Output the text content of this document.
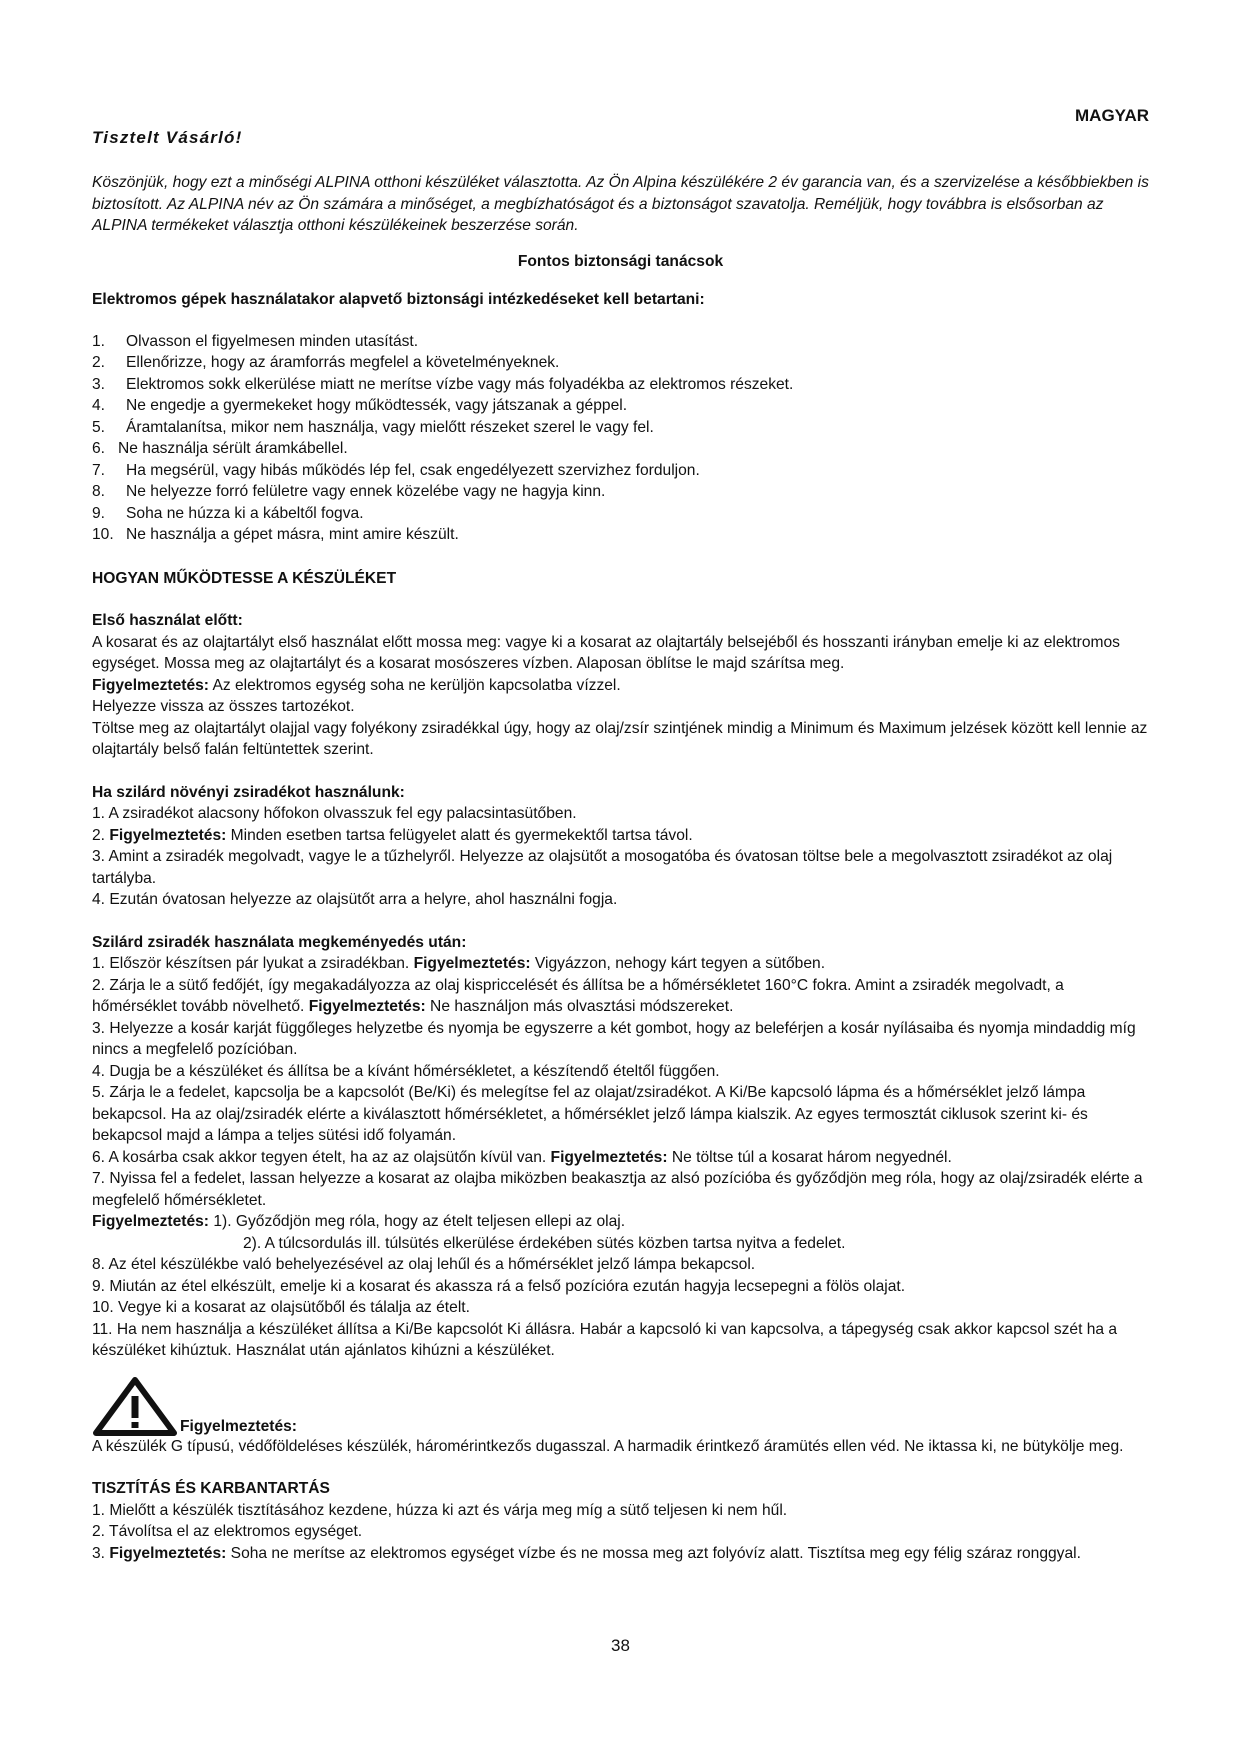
MAGYAR
Tisztelt Vásárló!

Köszönjük, hogy ezt a minőségi ALPINA otthoni készüléket választotta. Az Ön Alpina készülékére 2 év garancia van, és a szervizelése a későbbiekben is biztosított. Az ALPINA név az Ön számára a minőséget, a megbízhatóságot és a biztonságot szavatolja. Reméljük, hogy továbbra is elsősorban az ALPINA termékeket választja otthoni készülékeinek beszerzése során.

Fontos biztonsági tanácsok

Elektromos gépek használatakor alapvető biztonsági intézkedéseket kell betartani:

1.	Olvasson el figyelmesen minden utasítást.
2.	Ellenőrizze, hogy az áramforrás megfelel a követelményeknek.
3.	Elektromos sokk elkerülése miatt ne merítse vízbe vagy más folyadékba az elektromos részeket.
4.	Ne engedje a gyermekeket hogy működtessék, vagy játszanak a géppel.
5.	Áramtalanítsa, mikor nem használja, vagy mielőtt részeket szerel le vagy fel.
6. Ne használja sérült áramkábellel.
7.	Ha megsérül, vagy hibás működés lép fel, csak engedélyezett szervizhez forduljon.
8.	Ne helyezze forró felületre vagy ennek közelébe vagy ne hagyja kinn.
9.	Soha ne húzza ki a kábeltől fogva.
10. Ne használja a gépet másra, mint amire készült.

HOGYAN MŰKÖDTESSE A KÉSZÜLÉKET

Első használat előtt:

A kosarat és az olajtartályt első használat előtt mossa meg: vagye ki a kosarat az olajtartály belsejéből és hosszanti irányban emelje ki az elektromos egységet. Mossa meg az olajtartályt és a kosarat mosószeres vízben. Alaposan öblítse le majd szárítsa meg.

Figyelmeztetés: Az elektromos egység soha ne kerüljön kapcsolatba vízzel.

Helyezze vissza az összes tartozékot.

Töltse meg az olajtartályt olajjal vagy folyékony zsiradékkal úgy, hogy az olaj/zsír szintjének mindig a Minimum és Maximum jelzések között kell lennie az olajtartály belső falán feltüntettek szerint.

Ha szilárd növényi zsiradékot használunk:

1. A zsiradékot alacsony hőfokon olvasszuk fel egy palacsintasütőben.

2. Figyelmeztetés: Minden esetben tartsa felügyelet alatt és gyermekektől tartsa távol.

3. Amint a zsiradék megolvadt, vagye le a tűzhelyről. Helyezze az olajsütőt a mosogatóba és óvatosan töltse bele a megolvasztott zsiradékot az olaj tartályba.

4. Ezután óvatosan helyezze az olajsütőt arra a helyre, ahol használni fogja.

Szilárd zsiradék használata megkeményedés után:

1. Először készítsen pár lyukat a zsiradékban. Figyelmeztetés: Vigyázzon, nehogy kárt tegyen a sütőben.

2. Zárja le a sütő fedőjét, így megakadályozza az olaj kispriccelését és állítsa be a hőmérsékletet 160°C fokra. Amint a zsiradék megolvadt, a hőmérséklet tovább növelhető. Figyelmeztetés: Ne használjon más olvasztási módszereket.

3. Helyezze a kosár karját függőleges helyzetbe és nyomja be egyszerre a két gombot, hogy az beleférjen a kosár nyílásaiba és nyomja mindaddig míg nincs a megfelelő pozícióban.

4. Dugja be a készüléket és állítsa be a kívánt hőmérsékletet, a készítendő ételtől függően.

5. Zárja le a fedelet, kapcsolja be a kapcsolót (Be/Ki) és melegítse fel az olajat/zsiradékot. A Ki/Be kapcsoló lápma és a hőmérséklet jelző lámpa bekapcsol. Ha az olaj/zsiradék elérte a kiválasztott hőmérsékletet, a hőmérséklet jelző lámpa kialszik. Az egyes termosztát ciklusok szerint ki- és bekapcsol majd a lámpa a teljes sütési idő folyamán.

6. A kosárba csak akkor tegyen ételt, ha az az olajsütőn kívül van. Figyelmeztetés: Ne töltse túl a kosarat három negyednél.

7. Nyissa fel a fedelet, lassan helyezze a kosarat az olajba miközben beakasztja az alsó pozícióba és győződjön meg róla, hogy az olaj/zsiradék elérte a megfelelő hőmérsékletet.

Figyelmeztetés: 1). Győződjön meg róla, hogy az ételt teljesen ellepi az olaj.

2). A túlcsordulás ill. túlsütés elkerülése érdekében sütés közben tartsa nyitva a fedelet.

8. Az étel készülékbe való behelyezésével az olaj lehűl és a hőmérséklet jelző lámpa bekapcsol.

9. Miután az étel elkészült, emelje ki a kosarat és akassza rá a felső pozícióra ezután hagyja lecsepegni a fölös olajat.

10. Vegye ki a kosarat az olajsütőből és tálalja az ételt.

11. Ha nem használja a készüléket állítsa a Ki/Be kapcsolót Ki állásra. Habár a kapcsoló ki van kapcsolva, a tápegység csak akkor kapcsol szét ha a készüléket kihúztuk. Használat után ajánlatos kihúzni a készüléket.

Figyelmeztetés:

A készülék G típusú, védőföldeléses készülék, háromérintkezős dugasszal. A harmadik érintkező áramütés ellen véd. Ne iktassa ki, ne bütykölje meg.

TISZTÍTÁS ÉS KARBANTARTÁS

1. Mielőtt a készülék tisztításához kezdene, húzza ki azt és várja meg míg a sütő teljesen ki nem hűl.

2. Távolítsa el az elektromos egységet.

3. Figyelmeztetés: Soha ne merítse az elektromos egységet vízbe és ne mossa meg azt folyóvíz alatt. Tisztítsa meg egy félig száraz ronggyal.

38
